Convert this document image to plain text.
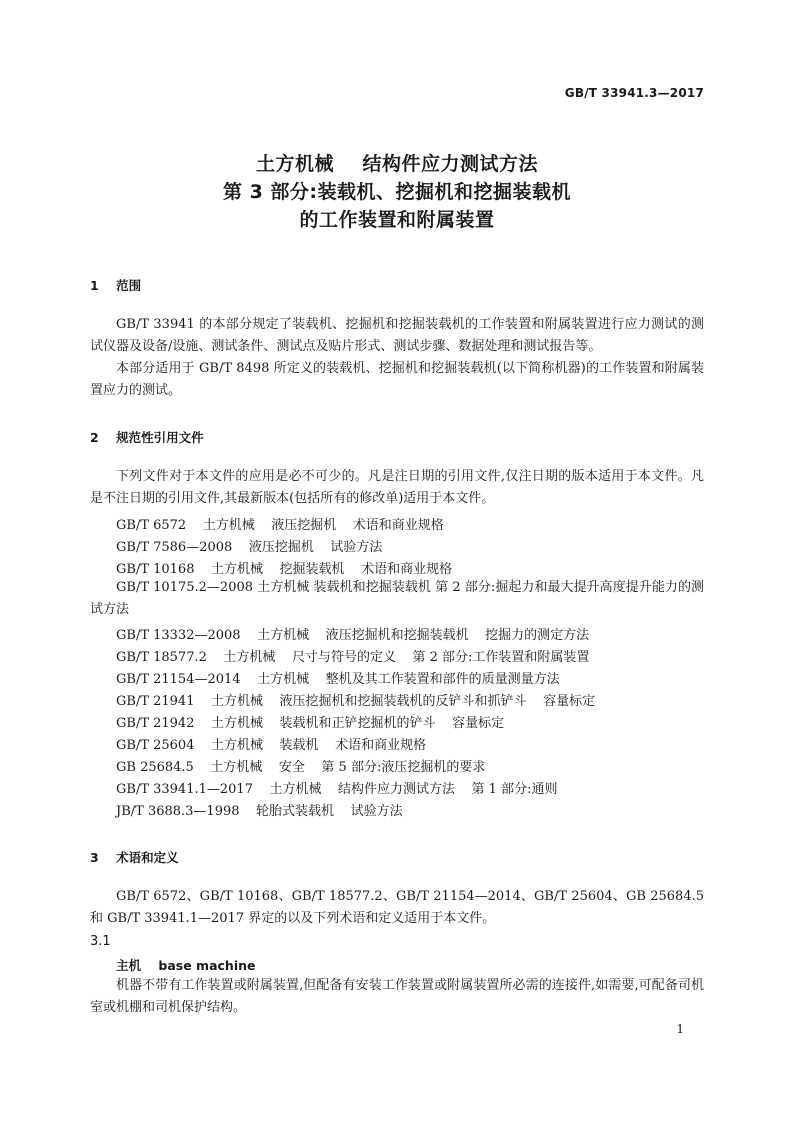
GB/T 33941.3—2017
土方机械    结构件应力测试方法
第 3 部分:装载机、挖掘机和挖掘装载机
的工作装置和附属装置
1    范围

GB/T 33941 的本部分规定了装载机、挖掘机和挖掘装载机的工作装置和附属装置进行应力测试的测试仪器及设备/设施、测试条件、测试点及贴片形式、测试步骤、数据处理和测试报告等。

本部分适用于 GB/T 8498 所定义的装载机、挖掘机和挖掘装载机(以下简称机器)的工作装置和附属装置应力的测试。

2    规范性引用文件

下列文件对于本文件的应用是必不可少的。凡是注日期的引用文件,仅注日期的版本适用于本文件。凡是不注日期的引用文件,其最新版本(包括所有的修改单)适用于本文件。

GB/T 6572    土方机械    液压挖掘机    术语和商业规格
GB/T 7586—2008    液压挖掘机    试验方法
GB/T 10168    土方机械    挖掘装载机    术语和商业规格

GB/T 10175.2—2008 土方机械 装载机和挖掘装载机 第 2 部分:掘起力和最大提升高度提升能力的测试方法

GB/T 13332—2008    土方机械    液压挖掘机和挖掘装载机    挖掘力的测定方法
GB/T 18577.2    土方机械    尺寸与符号的定义    第 2 部分:工作装置和附属装置
GB/T 21154—2014    土方机械    整机及其工作装置和部件的质量测量方法
GB/T 21941    土方机械    液压挖掘机和挖掘装载机的反铲斗和抓铲斗    容量标定
GB/T 21942    土方机械    装载机和正铲挖掘机的铲斗    容量标定
GB/T 25604    土方机械    装载机    术语和商业规格
GB 25684.5    土方机械    安全    第 5 部分:液压挖掘机的要求
GB/T 33941.1—2017    土方机械    结构件应力测试方法    第 1 部分:通则
JB/T 3688.3—1998    轮胎式装载机    试验方法
3    术语和定义

GB/T 6572、GB/T 10168、GB/T 18577.2、GB/T 21154—2014、GB/T 25604、GB 25684.5 和 GB/T 33941.1—2017 界定的以及下列术语和定义适用于本文件。

3.1
主机    base machine

机器不带有工作装置或附属装置,但配备有安装工作装置或附属装置所必需的连接件,如需要,可配备司机室或机棚和司机保护结构。

1
